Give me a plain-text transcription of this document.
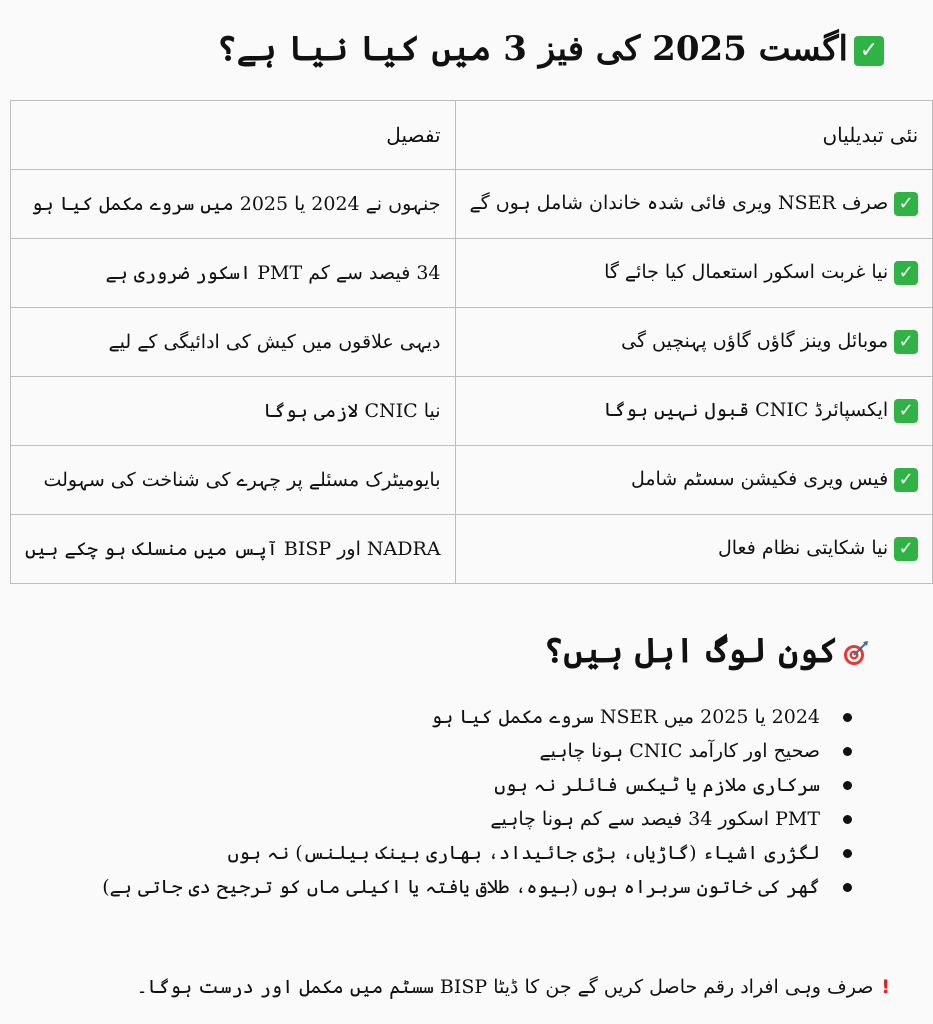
✓اگست 2025 کی فیز 3 میں کیا نیا ہے؟
نئی تبدیلیاں	تفصیل
✓صرف NSER ویری فائی شدہ خاندان شامل ہوں گے	جنہوں نے 2024 یا 2025 میں سروے مکمل کیا ہو
✓نیا غربت اسکور استعمال کیا جائے گا	34 فیصد سے کم PMT اسکور ضروری ہے
✓موبائل وینز گاؤں گاؤں پہنچیں گی	دیہی علاقوں میں کیش کی ادائیگی کے لیے
✓ایکسپائرڈ CNIC قبول نہیں ہوگا	نیا CNIC لازمی ہوگا
✓فیس ویری فکیشن سسٹم شامل	بایومیٹرک مسئلے پر چہرے کی شناخت کی سہولت
✓نیا شکایتی نظام فعال	NADRA اور BISP آپس میں منسلک ہو چکے ہیں
کون لوگ اہل ہیں؟
2024 یا 2025 میں NSER سروے مکمل کیا ہو
صحیح اور کارآمد CNIC ہونا چاہیے
سرکاری ملازم یا ٹیکس فائلر نہ ہوں
PMT اسکور 34 فیصد سے کم ہونا چاہیے
لگژری اشیاء (گاڑیاں، بڑی جائیداد، بھاری بینک بیلنس) نہ ہوں
گھر کی خاتون سربراہ ہوں (بیوہ، طلاق یافتہ یا اکیلی ماں کو ترجیح دی جاتی ہے)
!صرف وہی افراد رقم حاصل کریں گے جن کا ڈیٹا BISP سسٹم میں مکمل اور درست ہوگا۔
